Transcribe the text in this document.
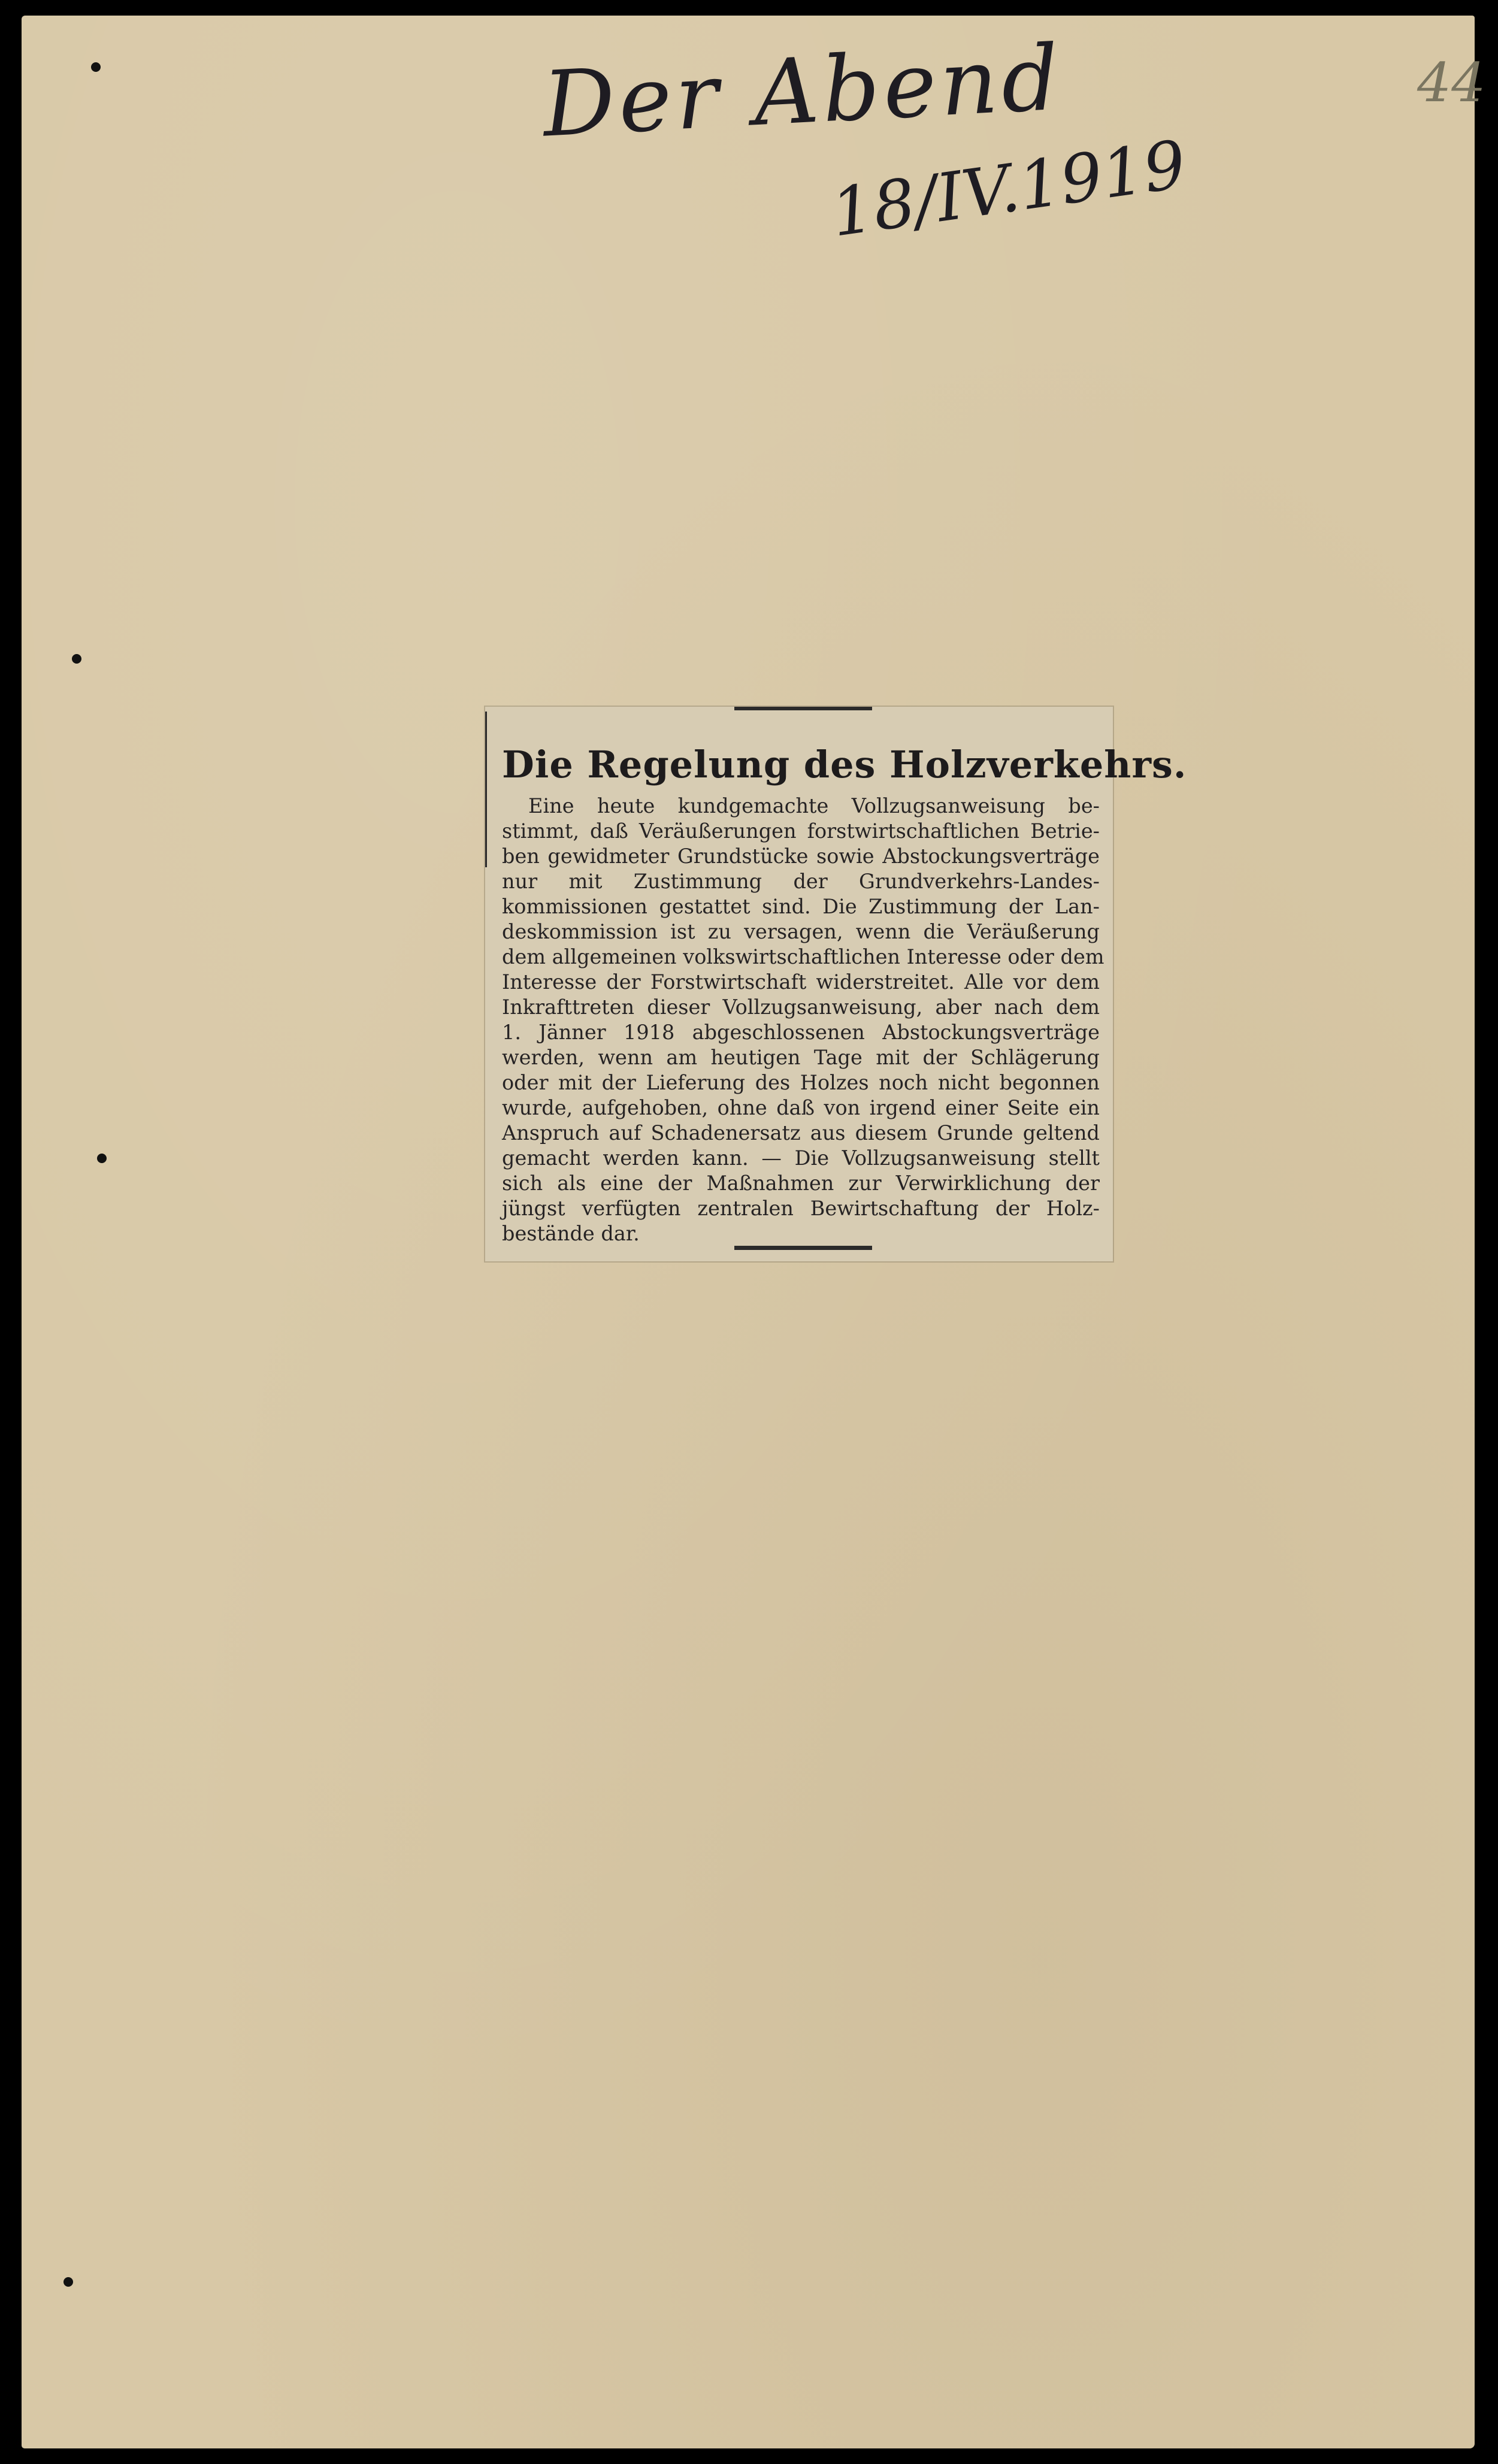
Der Abend
18/IV.1919
44
Die Regelung des Holzverkehrs.

Eine heute kundgemachte Vollzugsanweisung be-
stimmt, daß Veräußerungen forstwirtschaftlichen Betrie-
ben gewidmeter Grundstücke sowie Abstockungsverträge
nur mit Zustimmung der Grundverkehrs-Landes-
kommissionen gestattet sind. Die Zustimmung der Lan-
deskommission ist zu versagen, wenn die Veräußerung
dem allgemeinen volkswirtschaftlichen Interesse oder dem
Interesse der Forstwirtschaft widerstreitet. Alle vor dem
Inkrafttreten dieser Vollzugsanweisung, aber nach dem
1. Jänner 1918 abgeschlossenen Abstockungsverträge
werden, wenn am heutigen Tage mit der Schlägerung
oder mit der Lieferung des Holzes noch nicht begonnen
wurde, aufgehoben, ohne daß von irgend einer Seite ein
Anspruch auf Schadenersatz aus diesem Grunde geltend
gemacht werden kann. — Die Vollzugsanweisung stellt
sich als eine der Maßnahmen zur Verwirklichung der
jüngst verfügten zentralen Bewirtschaftung der Holz-
bestände dar.
